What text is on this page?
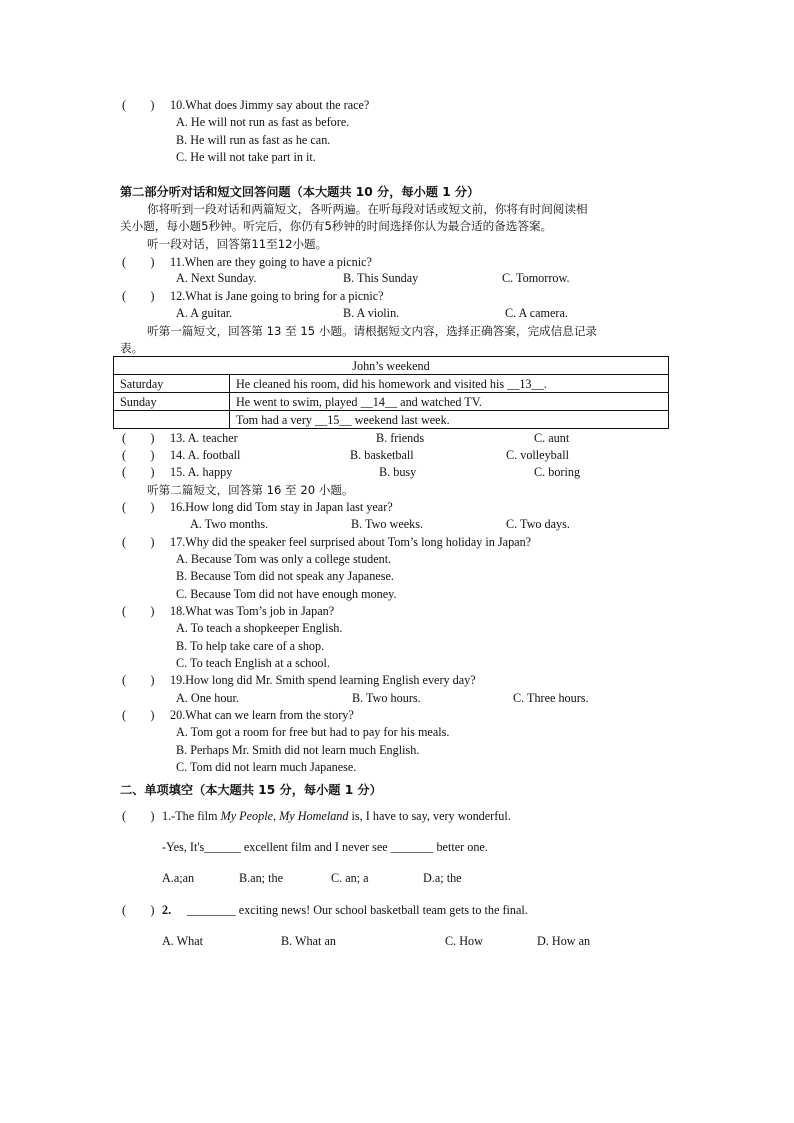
(　　) 10.What does Jimmy say about the race?
A. He will not run as fast as before.
B. He will run as fast as he can.
C. He will not take part in it.
第二部分听对话和短文回答问题（本大题共 10 分，每小题 1 分）
你将听到一段对话和两篇短文，各听两遍。在听每段对话或短文前，你将有时间阅读相
关小题，每小题5秒钟。听完后，你仍有5秒钟的时间选择你认为最合适的备选答案。
听一段对话，回答第11至12小题。
(　　) 11.When are they going to have a picnic?
A. Next Sunday.	B. This Sunday	C. Tomorrow.
(　　) 12.What is Jane going to bring for a picnic?
A. A guitar.	B. A violin.	C. A camera.
听第一篇短文，回答第 13 至 15 小题。请根据短文内容，选择正确答案，完成信息记录
表。
John’s weekend	
Saturday	He cleaned his room, did his homework and visited his __13__.
Sunday	He went to swim, played __14__ and watched TV.
	Tom had a very __15__ weekend last week.
(　　) 13. A. teacher	B. friends	C. aunt
(　　) 14. A. football	B. basketball	C. volleyball
(　　) 15. A. happy	B. busy	C. boring
听第二篇短文，回答第 16 至 20 小题。
(　　) 16.How long did Tom stay in Japan last year?
A. Two months.	B. Two weeks.	C. Two days.
(　　) 17.Why did the speaker feel surprised about Tom’s long holiday in Japan?
A. Because Tom was only a college student.
B. Because Tom did not speak any Japanese.
C. Because Tom did not have enough money.
(　　) 18.What was Tom’s job in Japan?
A. To teach a shopkeeper English.
B. To help take care of a shop.
C. To teach English at a school.
(　　) 19.How long did Mr. Smith spend learning English every day?
A. One hour.	B. Two hours.	C. Three hours.
(　　) 20.What can we learn from the story?
A. Tom got a room for free but had to pay for his meals.
B. Perhaps Mr. Smith did not learn much English.
C. Tom did not learn much Japanese.
二、单项填空（本大题共 15 分，每小题 1 分）
(　　) 1.-The film My People, My Homeland is, I have to say, very wonderful.
-Yes, It's______ excellent film and I never see _______ better one.
A.a;an	B.an; the	C. an; a	D.a; the
(　　) 2. ________ exciting news! Our school basketball team gets to the final.
A. What	B. What an	C. How	D. How an
